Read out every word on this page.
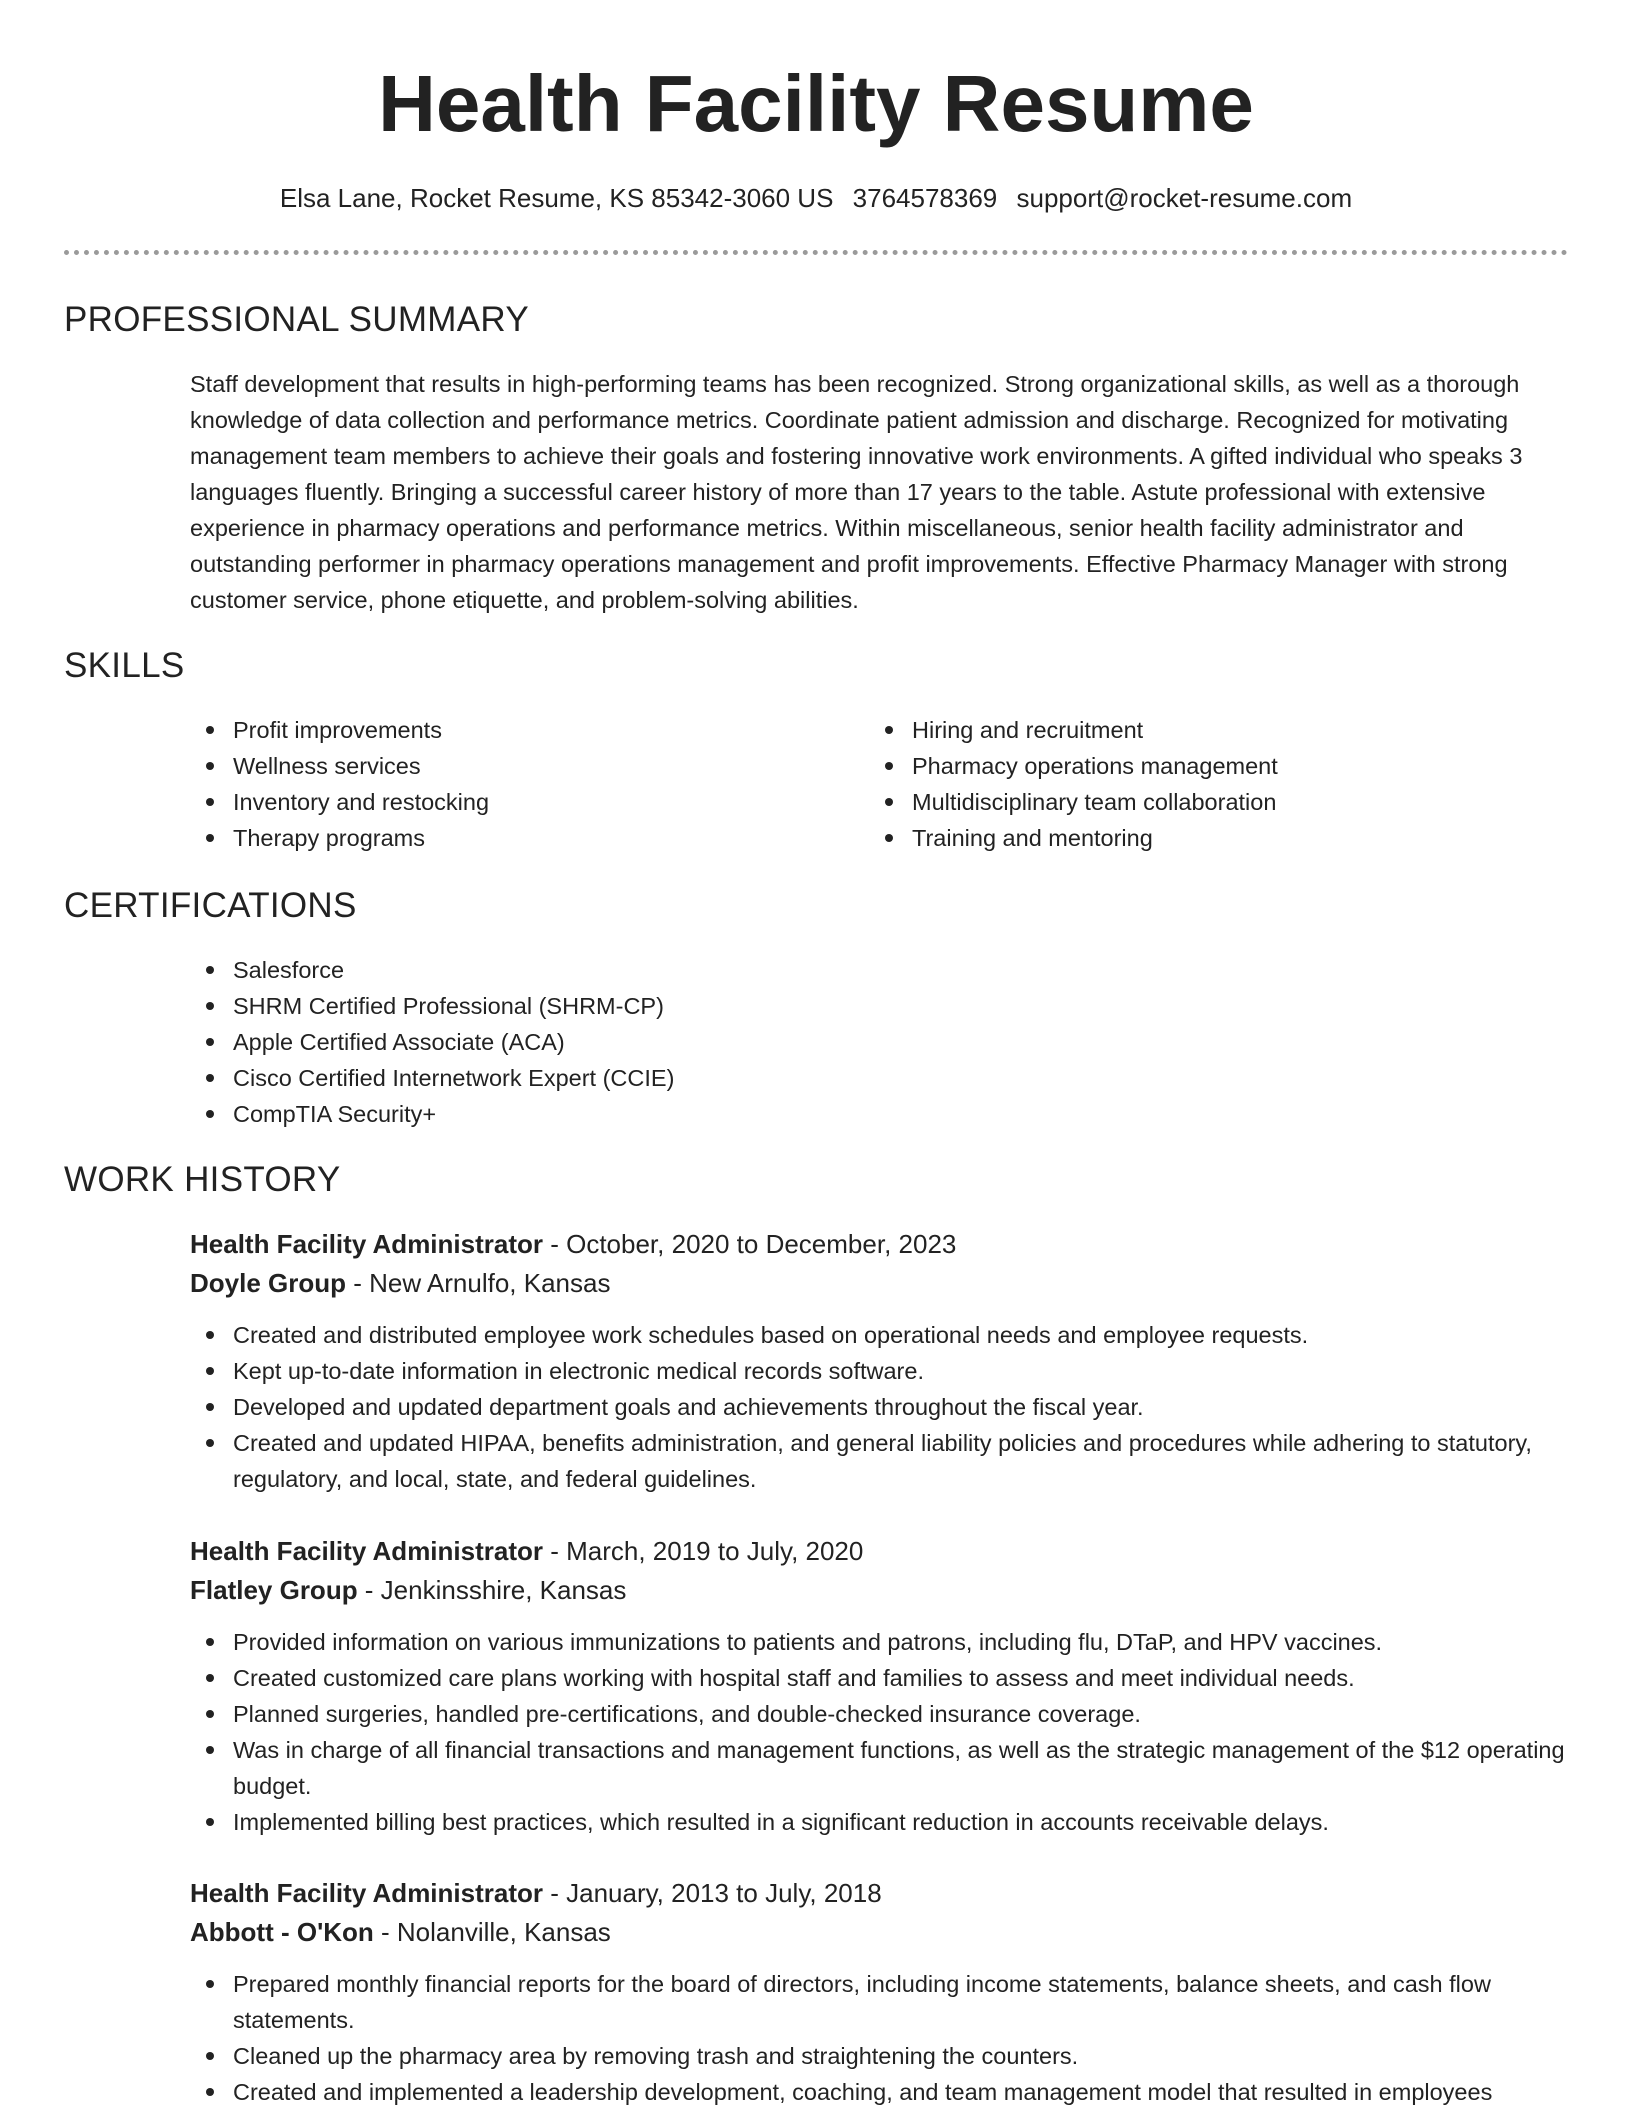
Health Facility Resume
Elsa Lane, Rocket Resume, KS 85342-3060 US 3764578369 support@rocket-resume.com
PROFESSIONAL SUMMARY

Staff development that results in high-performing teams has been recognized. Strong organizational skills, as well as a thorough knowledge of data collection and performance metrics. Coordinate patient admission and discharge. Recognized for motivating management team members to achieve their goals and fostering innovative work environments. A gifted individual who speaks 3 languages fluently. Bringing a successful career history of more than 17 years to the table. Astute professional with extensive experience in pharmacy operations and performance metrics. Within miscellaneous, senior health facility administrator and outstanding performer in pharmacy operations management and profit improvements. Effective Pharmacy Manager with strong customer service, phone etiquette, and problem-solving abilities.

SKILLS
Profit improvements
Wellness services
Inventory and restocking
Therapy programs
Hiring and recruitment
Pharmacy operations management
Multidisciplinary team collaboration
Training and mentoring
CERTIFICATIONS
Salesforce
SHRM Certified Professional (SHRM-CP)
Apple Certified Associate (ACA)
Cisco Certified Internetwork Expert (CCIE)
CompTIA Security+
WORK HISTORY
Health Facility Administrator - October, 2020 to December, 2023
Doyle Group - New Arnulfo, Kansas
Created and distributed employee work schedules based on operational needs and employee requests.
Kept up-to-date information in electronic medical records software.
Developed and updated department goals and achievements throughout the fiscal year.
Created and updated HIPAA, benefits administration, and general liability policies and procedures while adhering to statutory, regulatory, and local, state, and federal guidelines.
Health Facility Administrator - March, 2019 to July, 2020
Flatley Group - Jenkinsshire, Kansas
Provided information on various immunizations to patients and patrons, including flu, DTaP, and HPV vaccines.
Created customized care plans working with hospital staff and families to assess and meet individual needs.
Planned surgeries, handled pre-certifications, and double-checked insurance coverage.
Was in charge of all financial transactions and management functions, as well as the strategic management of the $12 operating budget.
Implemented billing best practices, which resulted in a significant reduction in accounts receivable delays.
Health Facility Administrator - January, 2013 to July, 2018
Abbott - O'Kon - Nolanville, Kansas
Prepared monthly financial reports for the board of directors, including income statements, balance sheets, and cash flow statements.
Cleaned up the pharmacy area by removing trash and straightening the counters.
Created and implemented a leadership development, coaching, and team management model that resulted in employees
